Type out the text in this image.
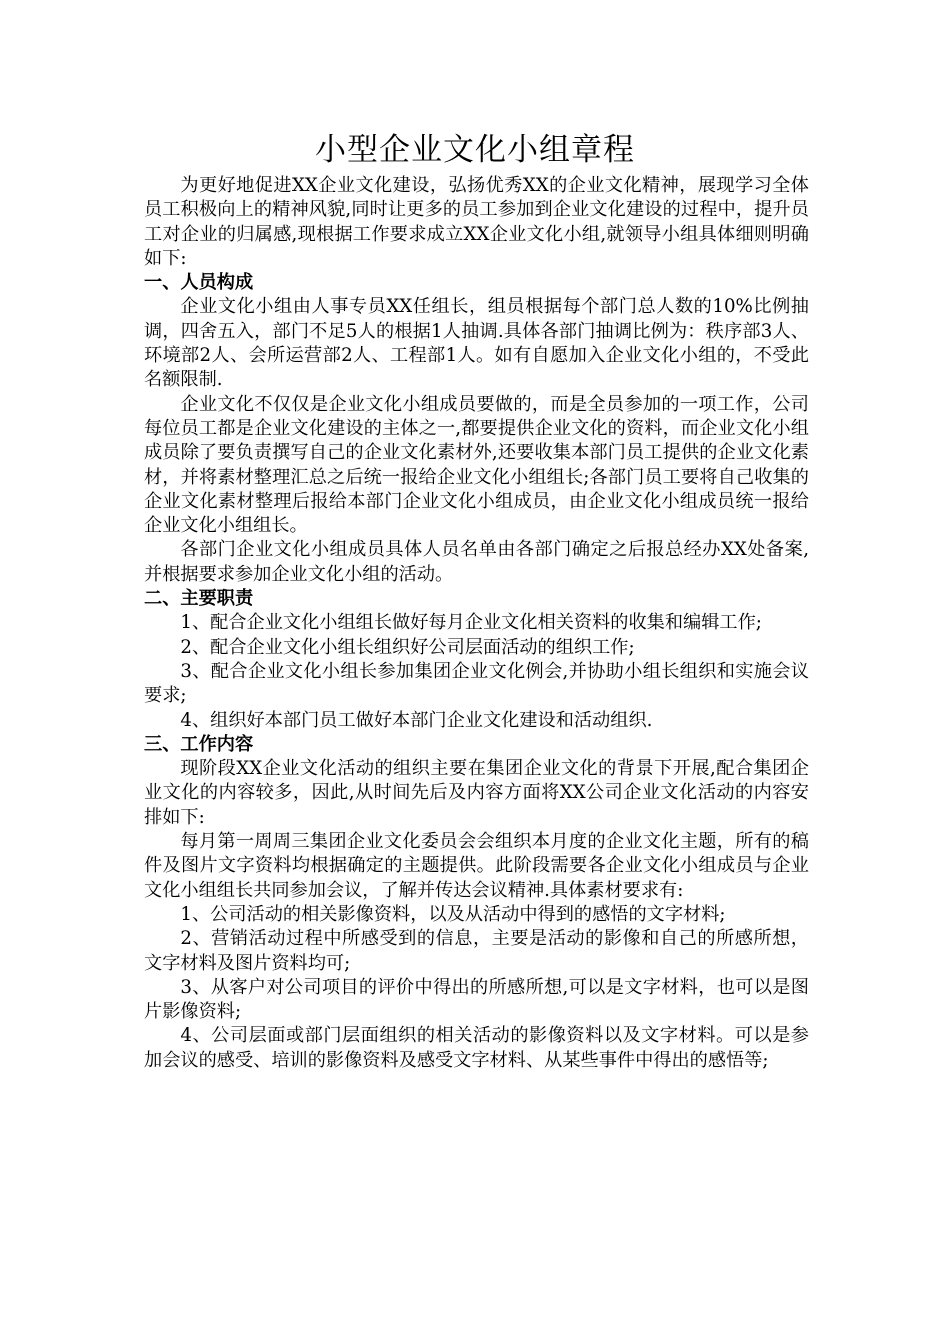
小型企业文化小组章程

为更好地促进XX企业文化建设，弘扬优秀XX的企业文化精神，展现学习全体员工积极向上的精神风貌,同时让更多的员工参加到企业文化建设的过程中，提升员工对企业的归属感,现根据工作要求成立XX企业文化小组,就领导小组具体细则明确如下:

一、人员构成

企业文化小组由人事专员XX任组长，组员根据每个部门总人数的10%比例抽调，四舍五入，部门不足5人的根据1人抽调.具体各部门抽调比例为：秩序部3人、环境部2人、会所运营部2人、工程部1人。如有自愿加入企业文化小组的，不受此名额限制.

企业文化不仅仅是企业文化小组成员要做的，而是全员参加的一项工作，公司每位员工都是企业文化建设的主体之一,都要提供企业文化的资料，而企业文化小组成员除了要负责撰写自己的企业文化素材外,还要收集本部门员工提供的企业文化素材，并将素材整理汇总之后统一报给企业文化小组组长;各部门员工要将自己收集的企业文化素材整理后报给本部门企业文化小组成员，由企业文化小组成员统一报给企业文化小组组长。

各部门企业文化小组成员具体人员名单由各部门确定之后报总经办XX处备案,并根据要求参加企业文化小组的活动。

二、主要职责

1、配合企业文化小组组长做好每月企业文化相关资料的收集和编辑工作;

2、配合企业文化小组长组织好公司层面活动的组织工作;

3、配合企业文化小组长参加集团企业文化例会,并协助小组长组织和实施会议要求;

4、组织好本部门员工做好本部门企业文化建设和活动组织.

三、工作内容

现阶段XX企业文化活动的组织主要在集团企业文化的背景下开展,配合集团企业文化的内容较多，因此,从时间先后及内容方面将XX公司企业文化活动的内容安排如下:

每月第一周周三集团企业文化委员会会组织本月度的企业文化主题，所有的稿件及图片文字资料均根据确定的主题提供。此阶段需要各企业文化小组成员与企业文化小组组长共同参加会议，了解并传达会议精神.具体素材要求有:

1、公司活动的相关影像资料，以及从活动中得到的感悟的文字材料;

2、营销活动过程中所感受到的信息，主要是活动的影像和自己的所感所想，文字材料及图片资料均可;

3、从客户对公司项目的评价中得出的所感所想,可以是文字材料，也可以是图片影像资料;

4、公司层面或部门层面组织的相关活动的影像资料以及文字材料。可以是参加会议的感受、培训的影像资料及感受文字材料、从某些事件中得出的感悟等;
